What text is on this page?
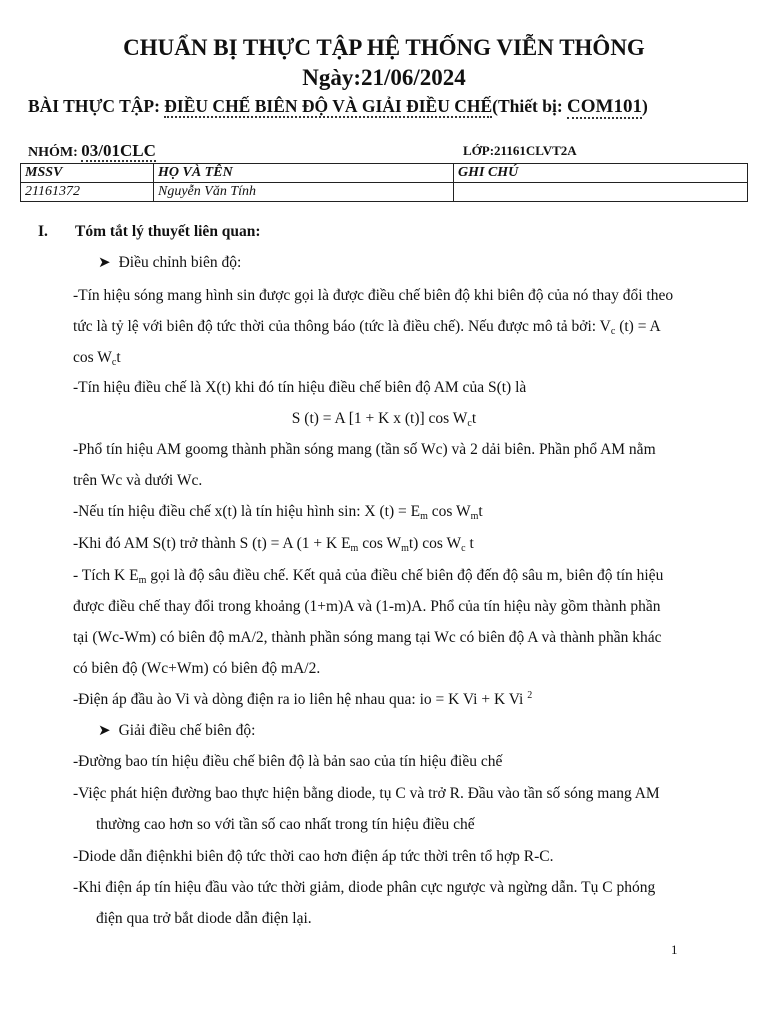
CHUẨN BỊ THỰC TẬP HỆ THỐNG VIỄN THÔNG
Ngày:21/06/2024
BÀI THỰC TẬP: ĐIỀU CHẾ BIÊN ĐỘ VÀ GIẢI ĐIỀU CHẾ(Thiết bị: COM101)
NHÓM: 03/01CLC	LỚP:21161CLVT2A
MSSV	HỌ VÀ TÊN	GHI CHÚ
21161372	Nguyễn Văn Tính	
I. Tóm tắt lý thuyết liên quan:
➤ Điều chỉnh biên độ:
-Tín hiệu sóng mang hình sin được gọi là được điều chế biên độ khi biên độ của nó thay đổi theo
tức là tỷ lệ với biên độ tức thời của thông báo (tức là điều chế). Nếu được mô tả bởi: $V_c$ (t) = A
$\cos W_ct$
-Tín hiệu điều chế là X(t) khi đó tín hiệu điều chế biên độ AM của S(t) là
S (t) = A [1 + K x (t)] $\cos W_ct$
-Phổ tín hiệu AM goomg thành phần sóng mang (tần số Wc) và 2 dải biên. Phần phổ AM nằm
trên Wc và dưới Wc.
-Nếu tín hiệu điều chế x(t) là tín hiệu hình sin: X $(t) = E_m$ $\cos W_mt$
-Khi đó AM S(t) trở thành S (t) = A (1 + K $E_m$ $\cos W_mt$) $\cos W_c$ t
- Tích K $E_m$ gọi là độ sâu điều chế. Kết quả của điều chế biên độ đến độ sâu m, biên độ tín hiệu
được điều chế thay đổi trong khoảng (1+m)A và (1-m)A. Phổ của tín hiệu này gồm thành phần
tại (Wc-Wm) có biên độ mA/2, thành phần sóng mang tại Wc có biên độ A và thành phần khác
có biên độ (Wc+Wm) có biên độ mA/2.
-Điện áp đầu ào Vi và dòng điện ra io liên hệ nhau qua: io = K Vi + K Vi $^2$
➤ Giải điều chế biên độ:
-Đường bao tín hiệu điều chế biên độ là bản sao của tín hiệu điều chế
-Việc phát hiện đường bao thực hiện bằng diode, tụ C và trở R. Đầu vào tần số sóng mang AM
thường cao hơn so với tần số cao nhất trong tín hiệu điều chế
-Diode dẫn điệnkhi biên độ tức thời cao hơn điện áp tức thời trên tổ hợp R-C.
-Khi điện áp tín hiệu đầu vào tức thời giảm, diode phân cực ngược và ngừng dẫn. Tụ C phóng
điện qua trở bắt diode dẫn điện lại.
1
